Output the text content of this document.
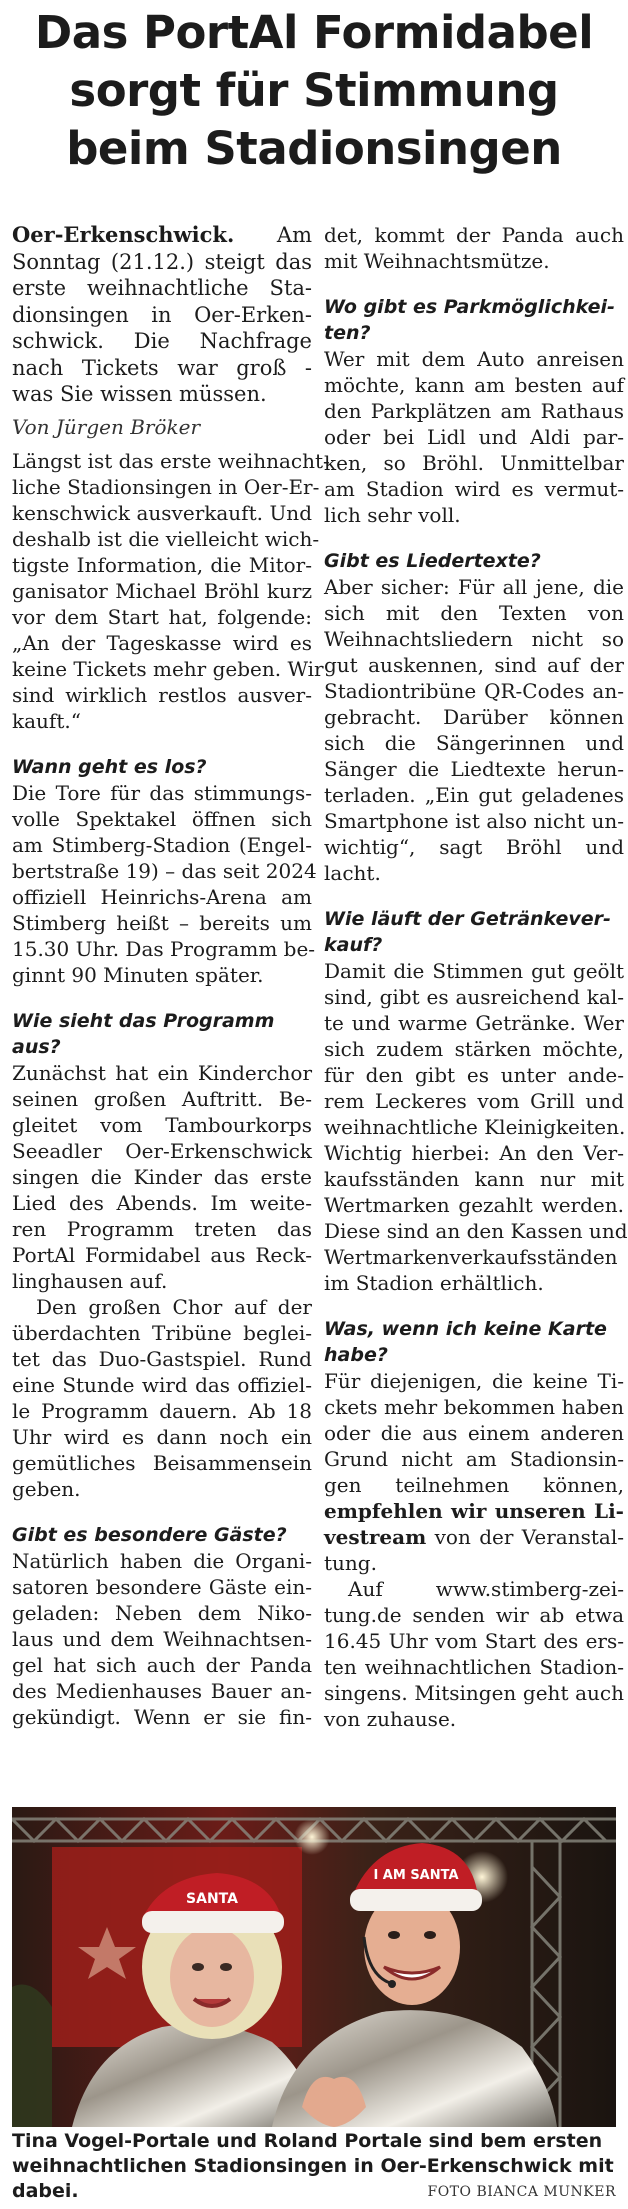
Das PortAl Formidabel
sorgt für Stimmung
beim Stadionsingen
Oer-Erkenschwick. Am
Sonntag (21.12.) steigt das
erste weihnachtliche Sta-
dionsingen in Oer-Erken-
schwick. Die Nachfrage
nach Tickets war groß -
was Sie wissen müssen.
Von Jürgen Bröker
Längst ist das erste weihnacht-
liche Stadionsingen in Oer-Er-
kenschwick ausverkauft. Und
deshalb ist die vielleicht wich-
tigste Information, die Mitor-
ganisator Michael Bröhl kurz
vor dem Start hat, folgende:
„An der Tageskasse wird es
keine Tickets mehr geben. Wir
sind wirklich restlos ausver-
kauft.“
Wann geht es los?
Die Tore für das stimmungs-
volle Spektakel öffnen sich
am Stimberg-Stadion (Engel-
bertstraße 19) – das seit 2024
offiziell Heinrichs-Arena am
Stimberg heißt – bereits um
15.30 Uhr. Das Programm be-
ginnt 90 Minuten später.
Wie sieht das Programm
aus?
Zunächst hat ein Kinderchor
seinen großen Auftritt. Be-
gleitet vom Tambourkorps
Seeadler Oer-Erkenschwick
singen die Kinder das erste
Lied des Abends. Im weite-
ren Programm treten das
PortAl Formidabel aus Reck-
linghausen auf.
Den großen Chor auf der
überdachten Tribüne beglei-
tet das Duo-Gastspiel. Rund
eine Stunde wird das offiziel-
le Programm dauern. Ab 18
Uhr wird es dann noch ein
gemütliches Beisammensein
geben.
Gibt es besondere Gäste?
Natürlich haben die Organi-
satoren besondere Gäste ein-
geladen: Neben dem Niko-
laus und dem Weihnachtsen-
gel hat sich auch der Panda
des Medienhauses Bauer an-
gekündigt. Wenn er sie fin-
det, kommt der Panda auch
mit Weihnachtsmütze.
Wo gibt es Parkmöglichkei-
ten?
Wer mit dem Auto anreisen
möchte, kann am besten auf
den Parkplätzen am Rathaus
oder bei Lidl und Aldi par-
ken, so Bröhl. Unmittelbar
am Stadion wird es vermut-
lich sehr voll.
Gibt es Liedertexte?
Aber sicher: Für all jene, die
sich mit den Texten von
Weihnachtsliedern nicht so
gut auskennen, sind auf der
Stadiontribüne QR-Codes an-
gebracht. Darüber können
sich die Sängerinnen und
Sänger die Liedtexte herun-
terladen. „Ein gut geladenes
Smartphone ist also nicht un-
wichtig“, sagt Bröhl und
lacht.
Wie läuft der Getränkever-
kauf?
Damit die Stimmen gut geölt
sind, gibt es ausreichend kal-
te und warme Getränke. Wer
sich zudem stärken möchte,
für den gibt es unter ande-
rem Leckeres vom Grill und
weihnachtliche Kleinigkeiten.
Wichtig hierbei: An den Ver-
kaufsständen kann nur mit
Wertmarken gezahlt werden.
Diese sind an den Kassen und
Wertmarkenverkaufsständen
im Stadion erhältlich.
Was, wenn ich keine Karte
habe?
Für diejenigen, die keine Ti-
ckets mehr bekommen haben
oder die aus einem anderen
Grund nicht am Stadionsin-
gen teilnehmen können,
empfehlen wir unseren Li-
vestream von der Veranstal-
tung.
Auf www.stimberg-zei-
tung.de senden wir ab etwa
16.45 Uhr vom Start des ers-
ten weihnachtlichen Stadion-
singens. Mitsingen geht auch
von zuhause.
SANTA
I AM SANTA
Tina Vogel-Portale und Roland Portale sind bem ersten
weihnachtlichen Stadionsingen in Oer-Erkenschwick mit
dabei.	FOTO BIANCA MUNKER
